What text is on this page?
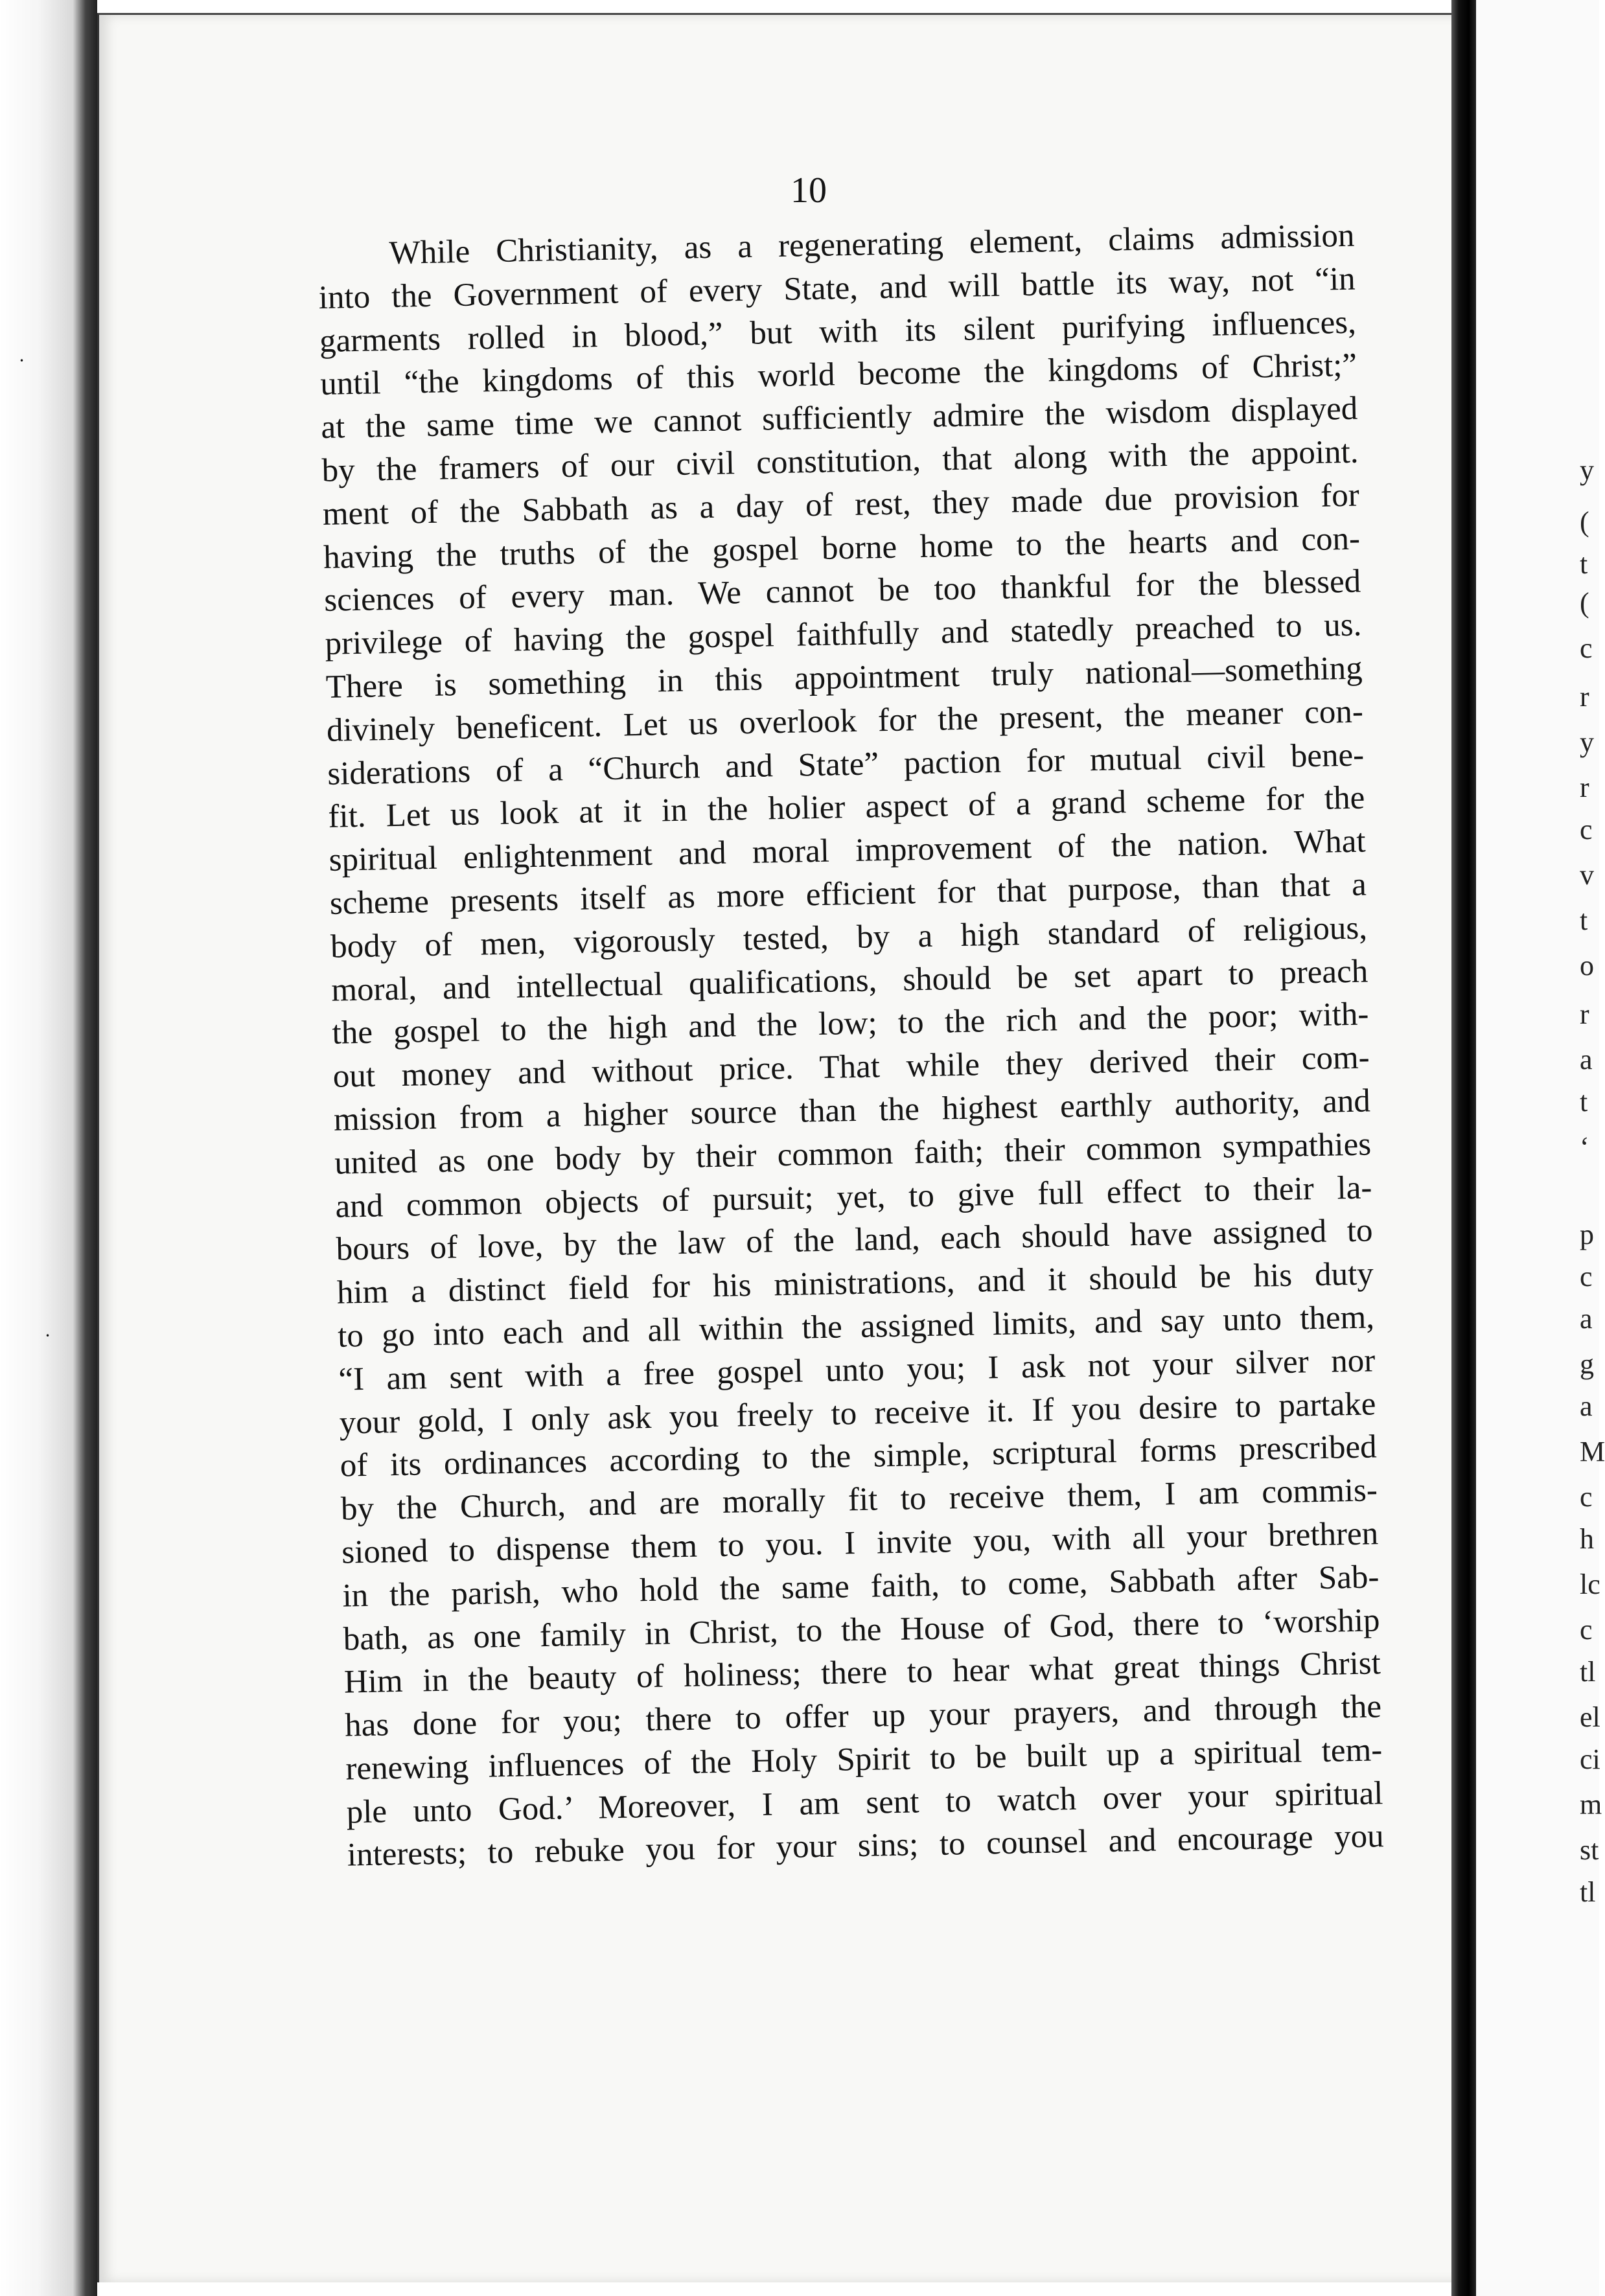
•
•
10
While Christianity, as a regenerating element, claims admission
into the Government of every State, and will battle its way, not “in
garments rolled in blood,” but with its silent purifying influences,
until “the kingdoms of this world become the kingdoms of Christ;”
at the same time we cannot sufficiently admire the wisdom displayed
by the framers of our civil constitution, that along with the appoint.
ment of the Sabbath as a day of rest, they made due provision for
having the truths of the gospel borne home to the hearts and con-
sciences of every man. We cannot be too thankful for the blessed
privilege of having the gospel faithfully and statedly preached to us.
There is something in this appointment truly national—something
divinely beneficent. Let us overlook for the present, the meaner con-
siderations of a “Church and State” paction for mutual civil bene-
fit. Let us look at it in the holier aspect of a grand scheme for the
spiritual enlightenment and moral improvement of the nation. What
scheme presents itself as more efficient for that purpose, than that a
body of men, vigorously tested, by a high standard of religious,
moral, and intellectual qualifications, should be set apart to preach
the gospel to the high and the low; to the rich and the poor; with-
out money and without price. That while they derived their com-
mission from a higher source than the highest earthly authority, and
united as one body by their common faith; their common sympathies
and common objects of pursuit; yet, to give full effect to their la-
bours of love, by the law of the land, each should have assigned to
him a distinct field for his ministrations, and it should be his duty
to go into each and all within the assigned limits, and say unto them,
“I am sent with a free gospel unto you; I ask not your silver nor
your gold, I only ask you freely to receive it. If you desire to partake
of its ordinances according to the simple, scriptural forms prescribed
by the Church, and are morally fit to receive them, I am commis-
sioned to dispense them to you. I invite you, with all your brethren
in the parish, who hold the same faith, to come, Sabbath after Sab-
bath, as one family in Christ, to the House of God, there to ‘worship
Him in the beauty of holiness; there to hear what great things Christ
has done for you; there to offer up your prayers, and through the
renewing influences of the Holy Spirit to be built up a spiritual tem-
ple unto God.’ Moreover, I am sent to watch over your spiritual
interests; to rebuke you for your sins; to counsel and encourage you
y
(
t
(
c
r
y
r
c
v
t
o
r
a
t
‘
p
c
a
g
a
M
c
h
lc
c
tl
el
ci
m
st
tl
